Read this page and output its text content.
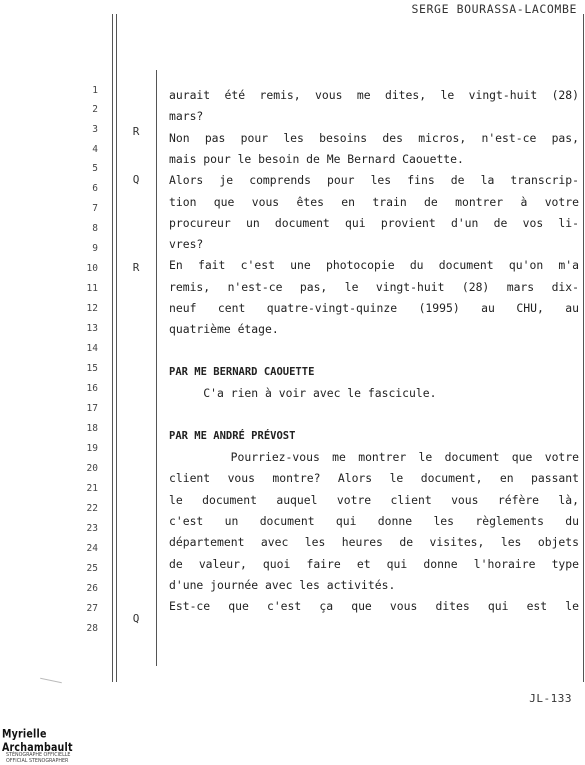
SERGE BOURASSA-LACOMBE
1
2
3
4
5
6
7
8
9
10
11
12
13
14
15
16
17
18
19
20
21
22
23
24
25
26
27
28
R
Q
R
Q
aurait été remis, vous me dites, le vingt-huit (28)
mars?
Non pas pour les besoins des micros, n'est-ce pas,
mais pour le besoin de Me Bernard Caouette.
Alors je comprends pour les fins de la transcrip-
tion que vous êtes en train de montrer à votre
procureur un document qui provient d'un de vos li-
vres?
En fait c'est une photocopie du document qu'on m'a
remis, n'est-ce pas, le vingt-huit (28) mars dix-
neuf cent quatre-vingt-quinze (1995) au CHU, au
quatrième étage.
PAR ME BERNARD CAOUETTE
C'a rien à voir avec le fascicule.
PAR ME ANDRÉ PRÉVOST
Pourriez-vous me montrer le document que votre
client vous montre? Alors le document, en passant
le document auquel votre client vous réfère là,
c'est un document qui donne les règlements du
département avec les heures de visites, les objets
de valeur, quoi faire et qui donne l'horaire type
d'une journée avec les activités.
Est-ce que c'est ça que vous dites qui est le
JL-133
Myrielle Archambault
STÉNOGRAPHE OFFICIELLE
OFFICIAL STENOGRAPHER
